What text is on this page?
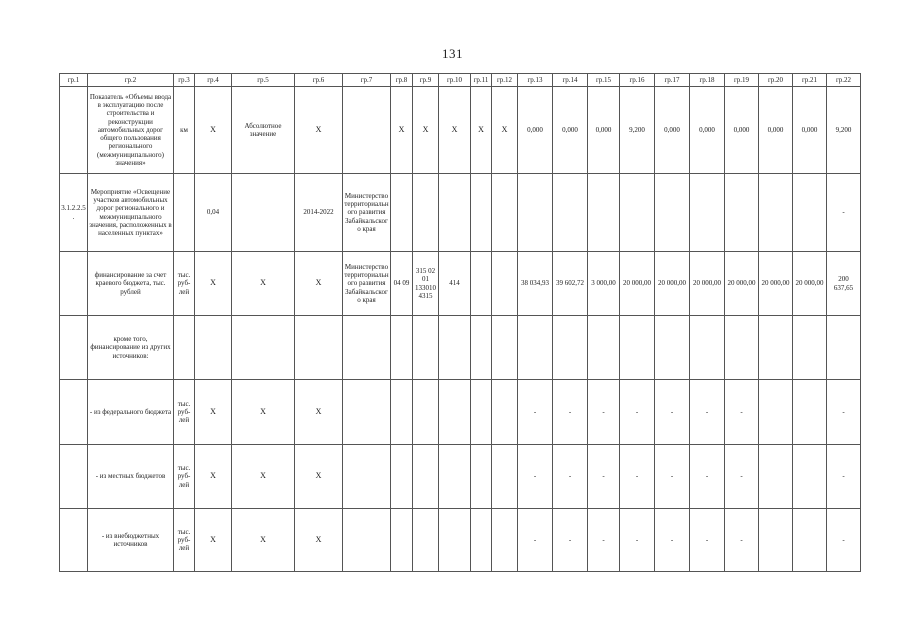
131
гр.1	гр.2	гр.3	гр.4	гр.5	гр.6	гр.7	гр.8	гр.9	гр.10	гр.11	гр.12	гр.13	гр.14	гр.15	гр.16	гр.17	гр.18	гр.19	гр.20	гр.21	гр.22
	Показатель «Объемы ввода в эксплуатацию после строительства и реконструкции автомобильных дорог общего пользования регионального (межмуниципального) значения»	км	X	Абсолютное значение	X		X	X	X	X	X	0,000	0,000	0,000	9,200	0,000	0,000	0,000	0,000	0,000	9,200
3.1.2.2.5.	Мероприятие «Освещение участков автомобильных дорог регионального и межмуниципального значения, расположенных в населенных пунктах»		0,04		2014-2022	Министерство территориального развития Забайкальского края															-
	финансирование за счет краевого бюджета, тыс. рублей	тыс. руб-лей	X	X	X	Министерство территориального развития Забайкальского края	04 09	315 02 01 133010 4315	414			38 034,93	39 602,72	3 000,00	20 000,00	20 000,00	20 000,00	20 000,00	20 000,00	20 000,00	200 637,65
	кроме того, финансирование из других источников:																				
	- из федерального бюджета	тыс. руб-лей	X	X	X							-	-	-	-	-	-	-			-
	- из местных бюджетов	тыс. руб-лей	X	X	X							-	-	-	-	-	-	-			-
	- из внебюджетных источников	тыс. руб-лей	X	X	X							-	-	-	-	-	-	-			-
